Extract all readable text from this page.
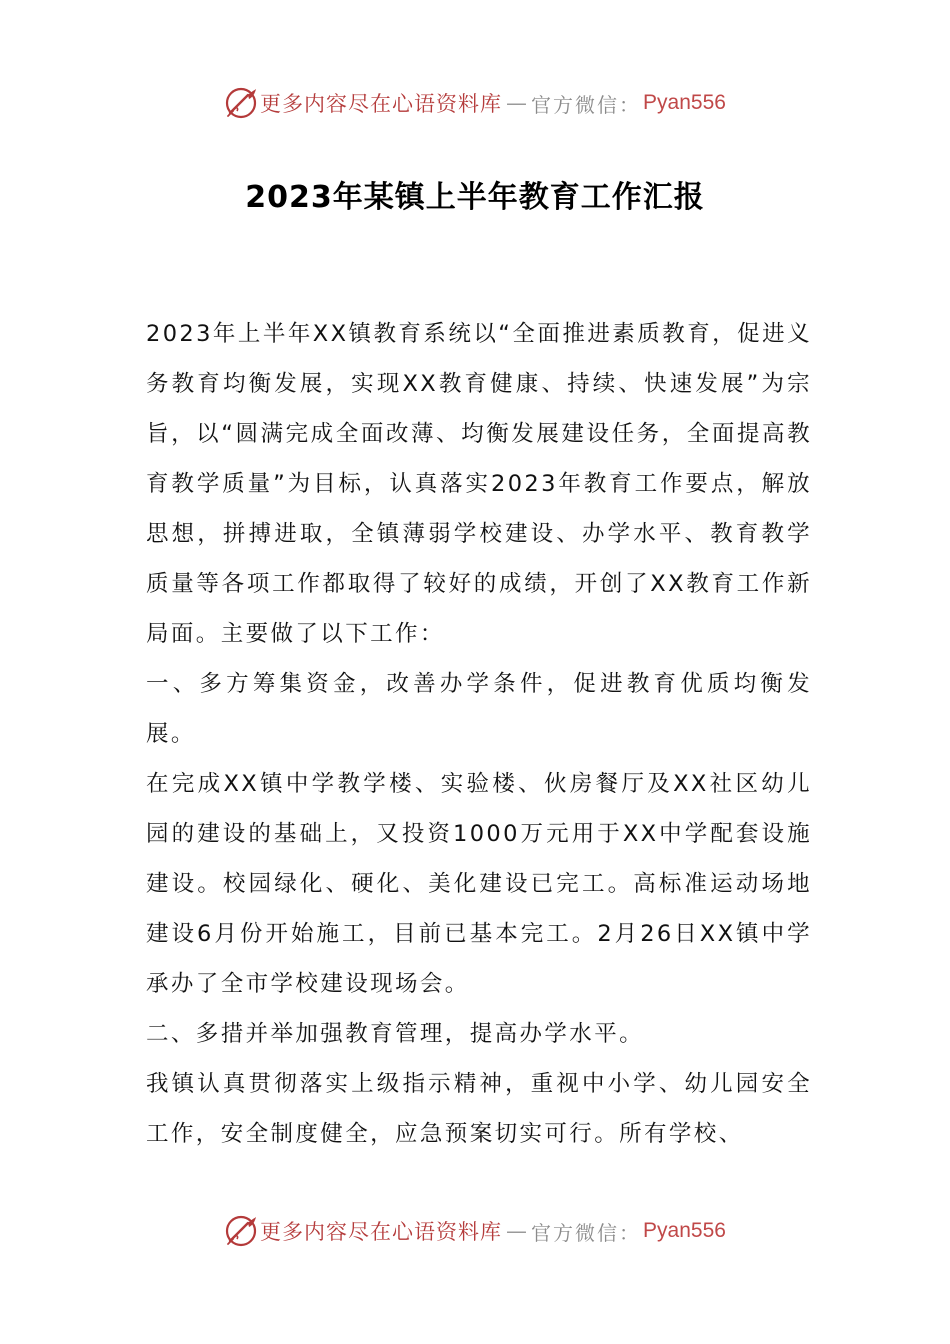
更多内容尽在心语资料库 — 官方微信： Pyan556
2023年某镇上半年教育工作汇报

2023年上半年XX镇教育系统以“全面推进素质教育，促进义务教育均衡发展，实现XX教育健康、持续、快速发展”为宗旨，以“圆满完成全面改薄、均衡发展建设任务，全面提高教育教学质量”为目标，认真落实2023年教育工作要点，解放思想，拼搏进取，全镇薄弱学校建设、办学水平、教育教学质量等各项工作都取得了较好的成绩，开创了XX教育工作新局面。主要做了以下工作：

一、多方筹集资金，改善办学条件，促进教育优质均衡发展。

在完成XX镇中学教学楼、实验楼、伙房餐厅及XX社区幼儿园的建设的基础上，又投资1000万元用于XX中学配套设施建设。校园绿化、硬化、美化建设已完工。高标准运动场地建设6月份开始施工，目前已基本完工。2月26日XX镇中学承办了全市学校建设现场会。

二、多措并举加强教育管理，提高办学水平。

我镇认真贯彻落实上级指示精神，重视中小学、幼儿园安全工作，安全制度健全，应急预案切实可行。所有学校、

更多内容尽在心语资料库 — 官方微信： Pyan556
